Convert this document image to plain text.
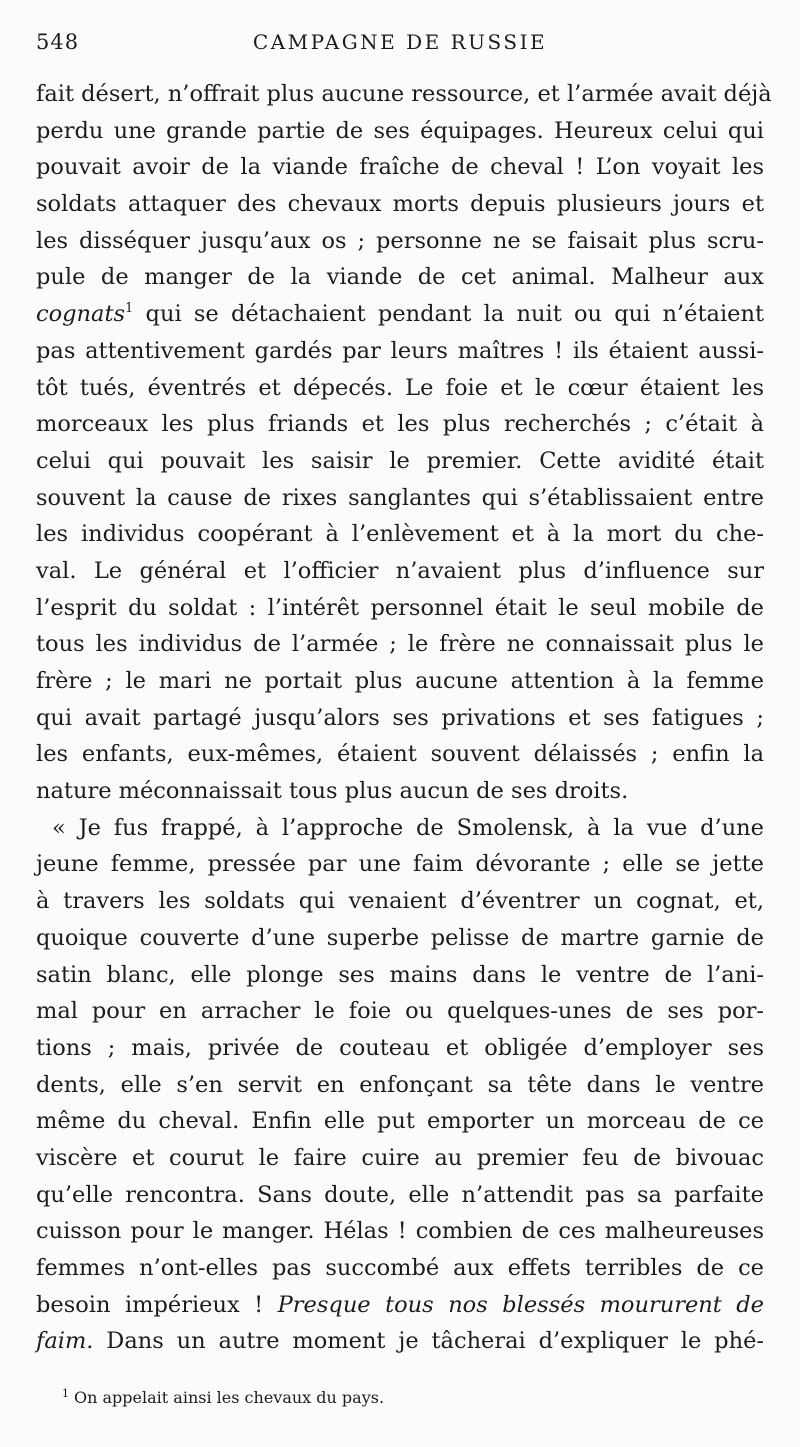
548	CAMPAGNE DE RUSSIE
fait désert, n’offrait plus aucune ressource, et l’armée avait déjà
perdu une grande partie de ses équipages. Heureux celui qui
pouvait avoir de la viande fraîche de cheval ! L’on voyait les
soldats attaquer des chevaux morts depuis plusieurs jours et
les disséquer jusqu’aux os ; personne ne se faisait plus scru-
pule de manger de la viande de cet animal. Malheur aux
cognats$^1$ qui se détachaient pendant la nuit ou qui n’étaient
pas attentivement gardés par leurs maîtres ! ils étaient aussi-
tôt tués, éventrés et dépecés. Le foie et le cœur étaient les
morceaux les plus friands et les plus recherchés ; c’était à
celui qui pouvait les saisir le premier. Cette avidité était
souvent la cause de rixes sanglantes qui s’établissaient entre
les individus coopérant à l’enlèvement et à la mort du che-
val. Le général et l’officier n’avaient plus d’influence sur
l’esprit du soldat : l’intérêt personnel était le seul mobile de
tous les individus de l’armée ; le frère ne connaissait plus le
frère ; le mari ne portait plus aucune attention à la femme
qui avait partagé jusqu’alors ses privations et ses fatigues ;
les enfants, eux-mêmes, étaient souvent délaissés ; enfin la
nature méconnaissait tous plus aucun de ses droits.
« Je fus frappé, à l’approche de Smolensk, à la vue d’une
jeune femme, pressée par une faim dévorante ; elle se jette
à travers les soldats qui venaient d’éventrer un cognat, et,
quoique couverte d’une superbe pelisse de martre garnie de
satin blanc, elle plonge ses mains dans le ventre de l’ani-
mal pour en arracher le foie ou quelques-unes de ses por-
tions ; mais, privée de couteau et obligée d’employer ses
dents, elle s’en servit en enfonçant sa tête dans le ventre
même du cheval. Enfin elle put emporter un morceau de ce
viscère et courut le faire cuire au premier feu de bivouac
qu’elle rencontra. Sans doute, elle n’attendit pas sa parfaite
cuisson pour le manger. Hélas ! combien de ces malheureuses
femmes n’ont-elles pas succombé aux effets terribles de ce
besoin impérieux ! Presque tous nos blessés moururent de
faim. Dans un autre moment je tâcherai d’expliquer le phé-
$^1$ On appelait ainsi les chevaux du pays.
